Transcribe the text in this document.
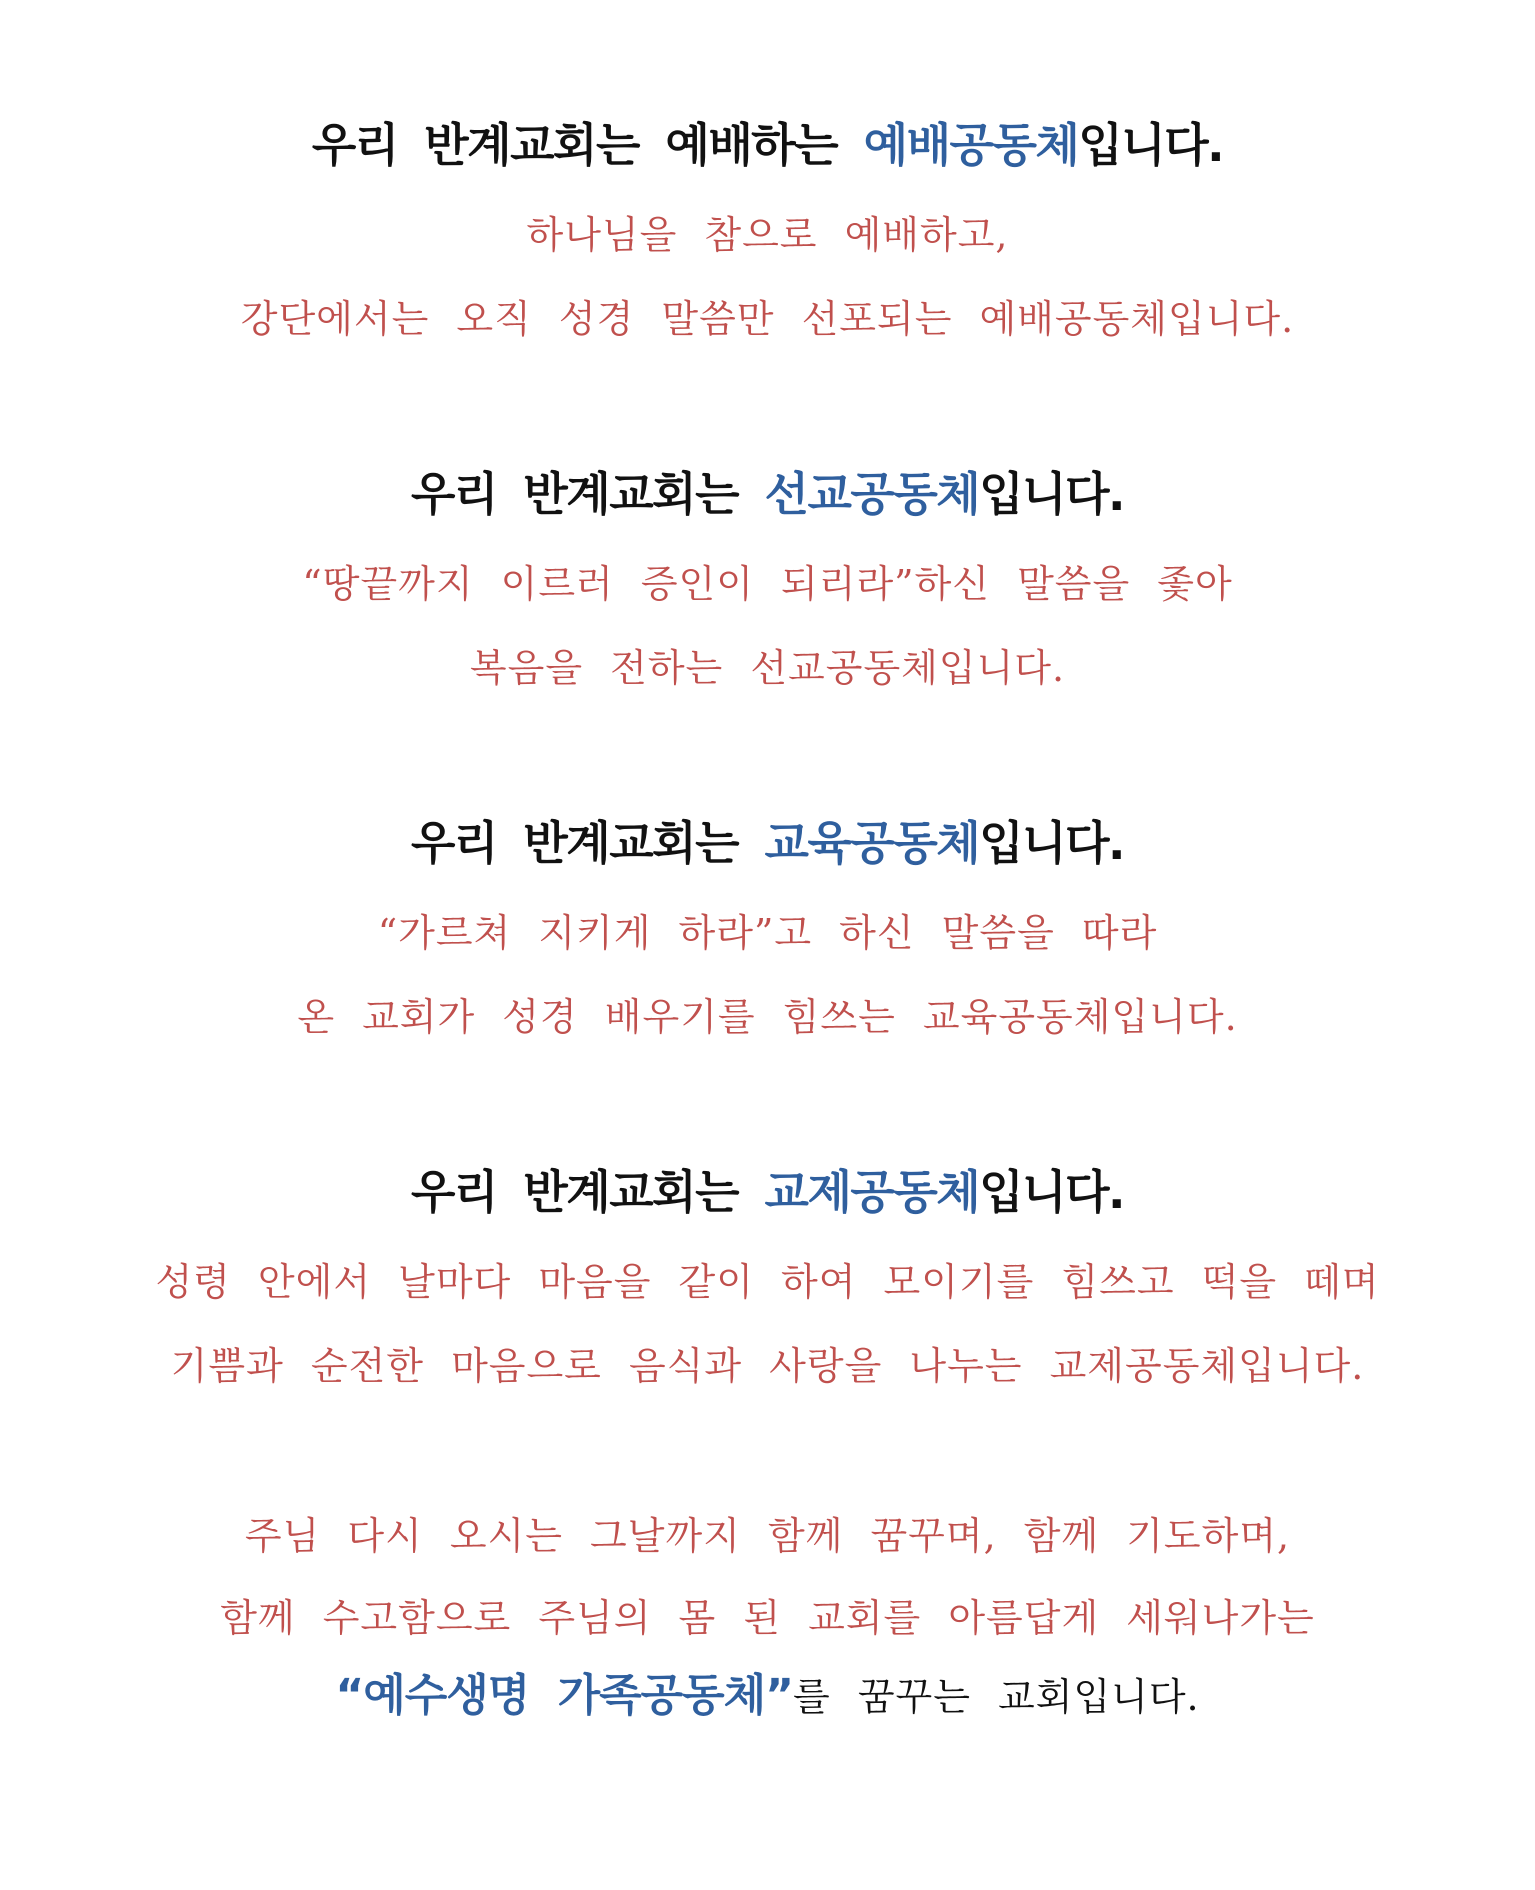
우리 반계교회는 예배하는 예배공동체입니다.

하나님을 참으로 예배하고,

강단에서는 오직 성경 말씀만 선포되는 예배공동체입니다.

우리 반계교회는 선교공동체입니다.

“땅끝까지 이르러 증인이 되리라”하신 말씀을 좇아

복음을 전하는 선교공동체입니다.

우리 반계교회는 교육공동체입니다.

“가르쳐 지키게 하라”고 하신 말씀을 따라

온 교회가 성경 배우기를 힘쓰는 교육공동체입니다.

우리 반계교회는 교제공동체입니다.

성령 안에서 날마다 마음을 같이 하여 모이기를 힘쓰고 떡을 떼며

기쁨과 순전한 마음으로 음식과 사랑을 나누는 교제공동체입니다.

주님 다시 오시는 그날까지 함께 꿈꾸며, 함께 기도하며,

함께 수고함으로 주님의 몸 된 교회를 아름답게 세워나가는

“예수생명 가족공동체”를 꿈꾸는 교회입니다.
